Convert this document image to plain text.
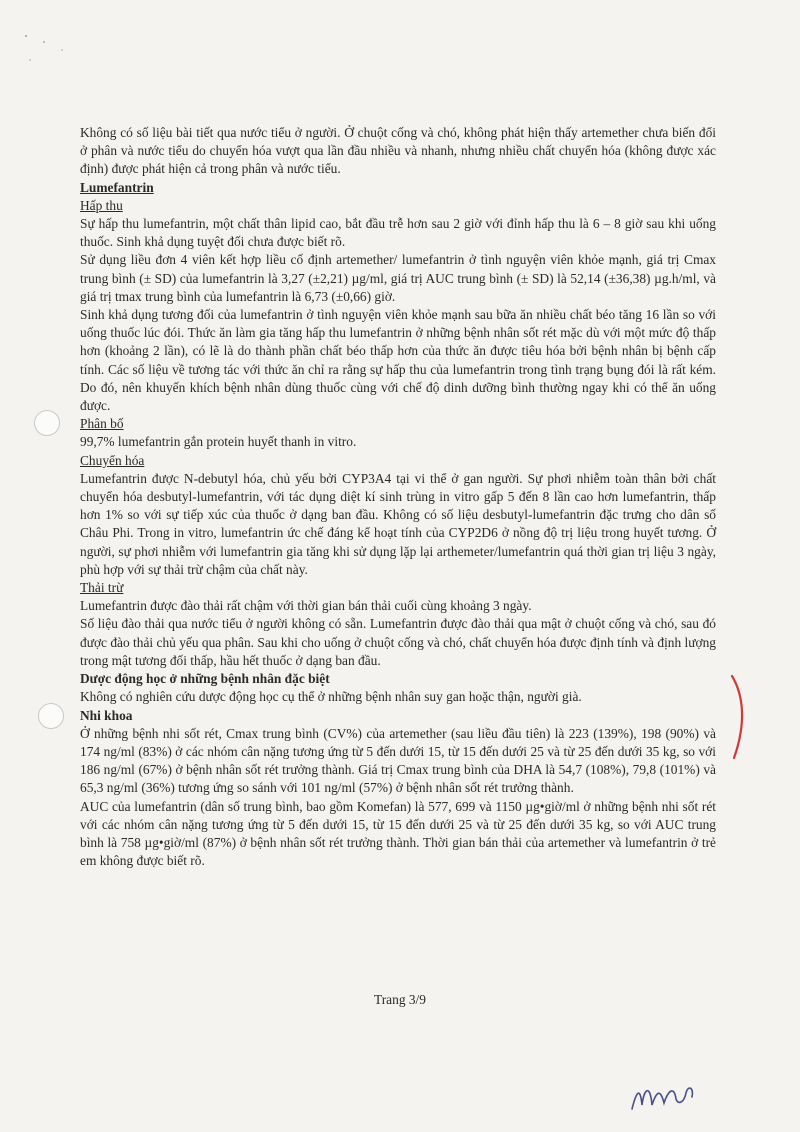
Không có số liệu bài tiết qua nước tiểu ở người. Ở chuột cống và chó, không phát hiện thấy artemether chưa biến đổi ở phân và nước tiểu do chuyển hóa vượt qua lần đầu nhiều và nhanh, nhưng nhiều chất chuyển hóa (không được xác định) được phát hiện cả trong phân và nước tiểu.

Lumefantrin

Hấp thu

Sự hấp thu lumefantrin, một chất thân lipid cao, bắt đầu trễ hơn sau 2 giờ với đỉnh hấp thu là 6 – 8 giờ sau khi uống thuốc. Sinh khả dụng tuyệt đối chưa được biết rõ.

Sử dụng liều đơn 4 viên kết hợp liều cố định artemether/ lumefantrin ở tình nguyện viên khỏe mạnh, giá trị Cmax trung bình (± SD) của lumefantrin là 3,27 (±2,21) µg/ml, giá trị AUC trung bình (± SD) là 52,14 (±36,38) µg.h/ml, và giá trị tmax trung bình của lumefantrin là 6,73 (±0,66) giờ.

Sinh khả dụng tương đối của lumefantrin ở tình nguyện viên khỏe mạnh sau bữa ăn nhiều chất béo tăng 16 lần so với uống thuốc lúc đói. Thức ăn làm gia tăng hấp thu lumefantrin ở những bệnh nhân sốt rét mặc dù với một mức độ thấp hơn (khoảng 2 lần), có lẽ là do thành phần chất béo thấp hơn của thức ăn được tiêu hóa bởi bệnh nhân bị bệnh cấp tính. Các số liệu về tương tác với thức ăn chỉ ra rằng sự hấp thu của lumefantrin trong tình trạng bụng đói là rất kém. Do đó, nên khuyến khích bệnh nhân dùng thuốc cùng với chế độ dinh dưỡng bình thường ngay khi có thể ăn uống được.

Phân bố

99,7% lumefantrin gắn protein huyết thanh in vitro.

Chuyển hóa

Lumefantrin được N-debutyl hóa, chủ yếu bởi CYP3A4 tại vi thể ở gan người. Sự phơi nhiễm toàn thân bởi chất chuyển hóa desbutyl-lumefantrin, với tác dụng diệt kí sinh trùng in vitro gấp 5 đến 8 lần cao hơn lumefantrin, thấp hơn 1% so với sự tiếp xúc của thuốc ở dạng ban đầu. Không có số liệu desbutyl-lumefantrin đặc trưng cho dân số Châu Phi. Trong in vitro, lumefantrin ức chế đáng kể hoạt tính của CYP2D6 ở nồng độ trị liệu trong huyết tương. Ở người, sự phơi nhiễm với lumefantrin gia tăng khi sử dụng lặp lại arthemeter/lumefantrin quá thời gian trị liệu 3 ngày, phù hợp với sự thải trừ chậm của chất này.

Thải trừ

Lumefantrin được đào thải rất chậm với thời gian bán thải cuối cùng khoảng 3 ngày.

Số liệu đào thải qua nước tiểu ở người không có sẵn. Lumefantrin được đào thải qua mật ở chuột cống và chó, sau đó được đào thải chủ yếu qua phân. Sau khi cho uống ở chuột cống và chó, chất chuyển hóa được định tính và định lượng trong mật tương đối thấp, hầu hết thuốc ở dạng ban đầu.

Dược động học ở những bệnh nhân đặc biệt

Không có nghiên cứu dược động học cụ thể ở những bệnh nhân suy gan hoặc thận, người già.

Nhi khoa

Ở những bệnh nhi sốt rét, Cmax trung bình (CV%) của artemether (sau liều đầu tiên) là 223 (139%), 198 (90%) và 174 ng/ml (83%) ở các nhóm cân nặng tương ứng từ 5 đến dưới 15, từ 15 đến dưới 25 và từ 25 đến dưới 35 kg, so với 186 ng/ml (67%) ở bệnh nhân sốt rét trưởng thành. Giá trị Cmax trung bình của DHA là 54,7 (108%), 79,8 (101%) và 65,3 ng/ml (36%) tương ứng so sánh với 101 ng/ml (57%) ở bệnh nhân sốt rét trưởng thành.

AUC của lumefantrin (dân số trung bình, bao gồm Komefan) là 577, 699 và 1150 µg•giờ/ml ở những bệnh nhi sốt rét với các nhóm cân nặng tương ứng từ 5 đến dưới 15, từ 15 đến dưới 25 và từ 25 đến dưới 35 kg, so với AUC trung bình là 758 µg•giờ/ml (87%) ở bệnh nhân sốt rét trưởng thành. Thời gian bán thải của artemether và lumefantrin ở trẻ em không được biết rõ.

Trang 3/9
